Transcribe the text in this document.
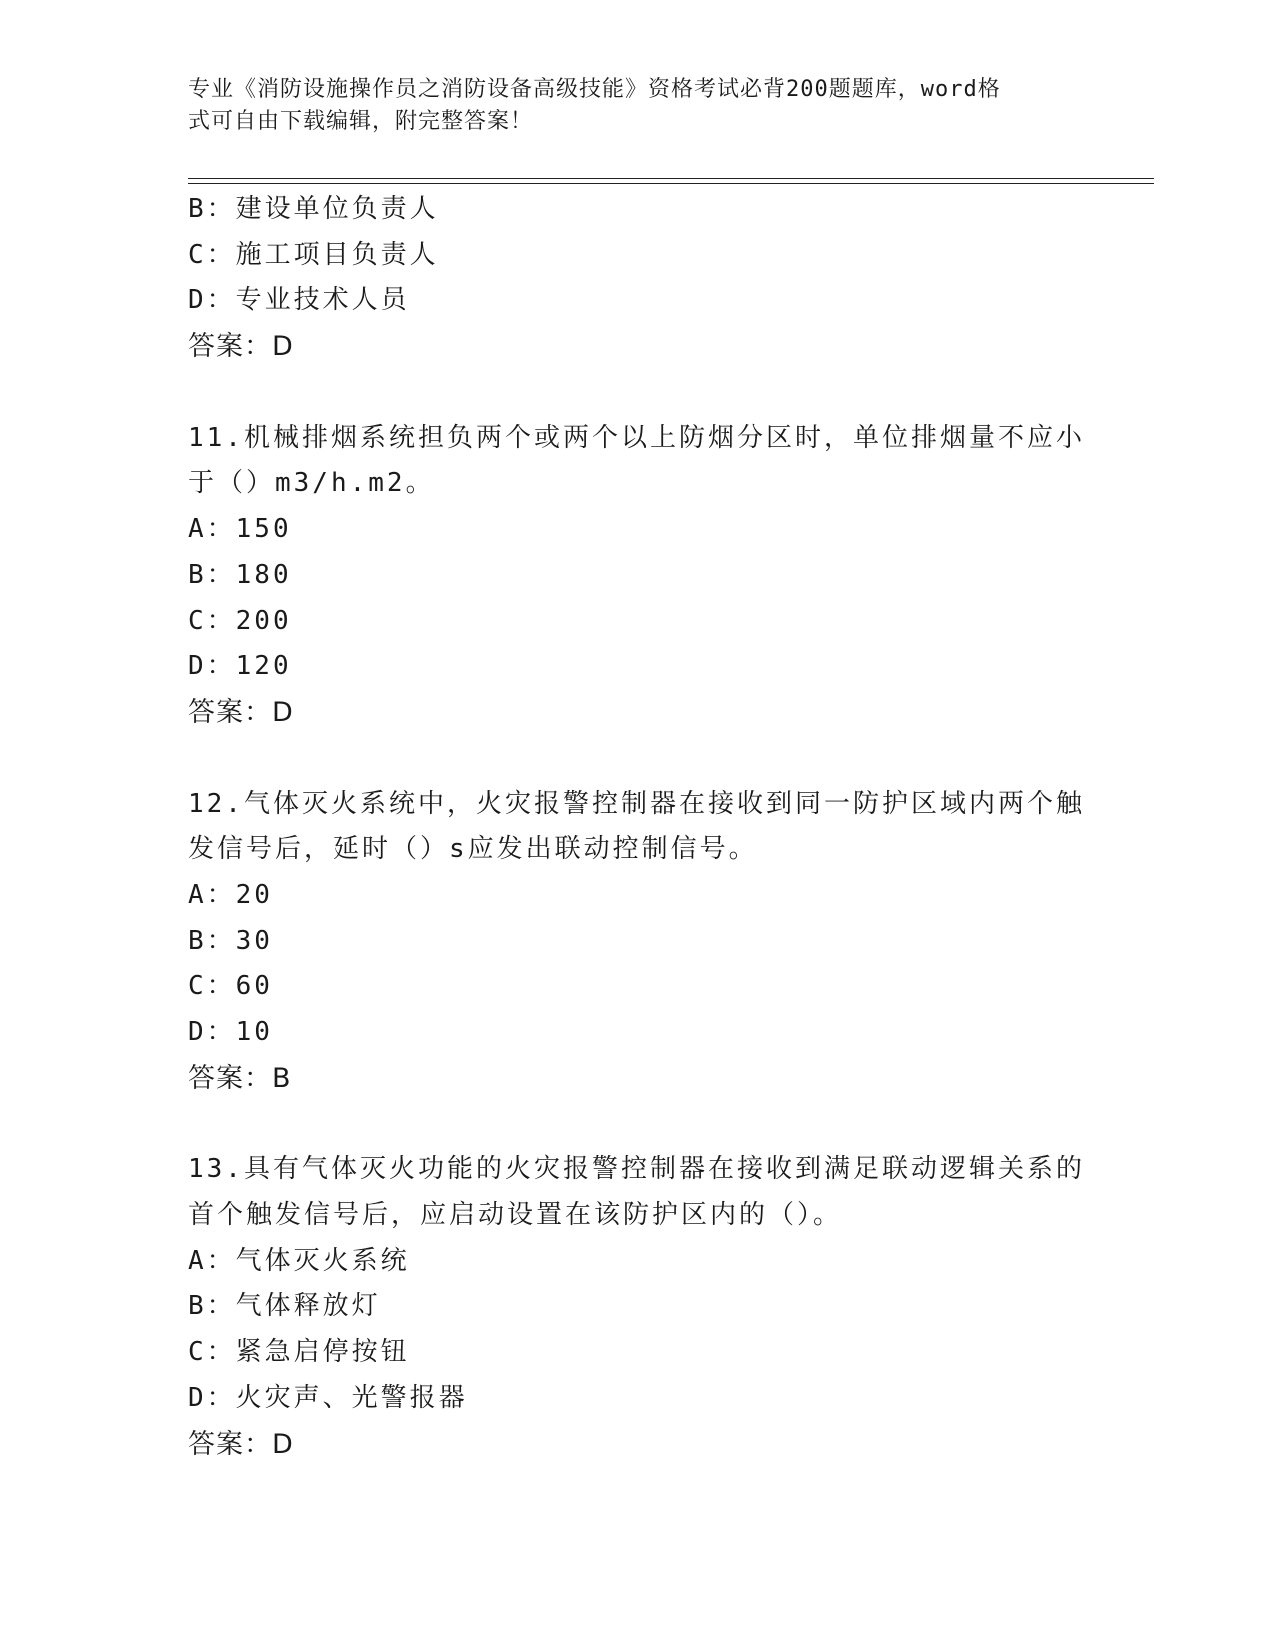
专业《消防设施操作员之消防设备高级技能》资格考试必背200题题库，word格
式可自由下载编辑，附完整答案！
B：建设单位负责人
C：施工项目负责人
D：专业技术人员
答案：D
11.机械排烟系统担负两个或两个以上防烟分区时，单位排烟量不应小
于（）m3/h.m2。
A：150
B：180
C：200
D：120
答案：D
12.气体灭火系统中，火灾报警控制器在接收到同一防护区域内两个触
发信号后，延时（）s应发出联动控制信号。
A：20
B：30
C：60
D：10
答案：B
13.具有气体灭火功能的火灾报警控制器在接收到满足联动逻辑关系的
首个触发信号后，应启动设置在该防护区内的（）。
A：气体灭火系统
B：气体释放灯
C：紧急启停按钮
D：火灾声、光警报器
答案：D
